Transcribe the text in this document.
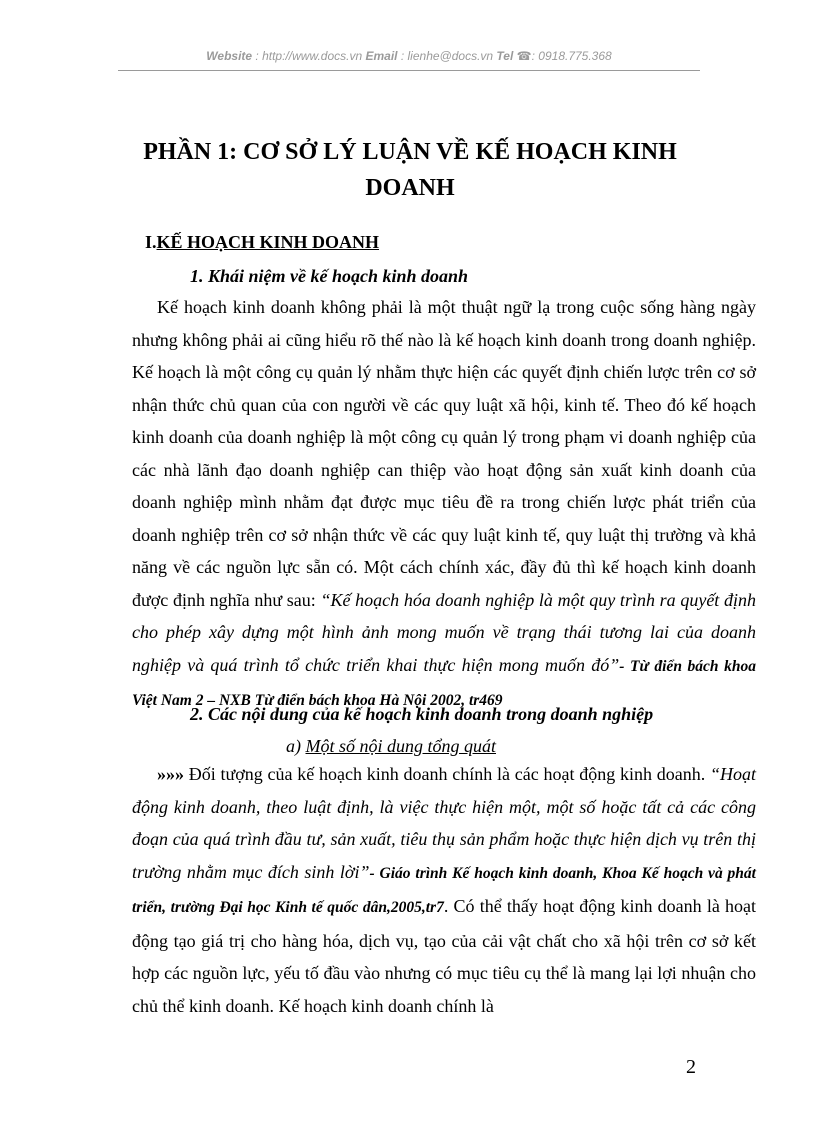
Website : http://www.docs.vn Email : lienhe@docs.vn Tel ☎: 0918.775.368
PHẦN 1: CƠ SỞ LÝ LUẬN VỀ KẾ HOẠCH KINH DOANH
I.KẾ HOẠCH KINH DOANH
1. Khái niệm về kế hoạch kinh doanh

Kế hoạch kinh doanh không phải là một thuật ngữ lạ trong cuộc sống hàng ngày nhưng không phải ai cũng hiểu rõ thế nào là kế hoạch kinh doanh trong doanh nghiệp. Kế hoạch là một công cụ quản lý nhằm thực hiện các quyết định chiến lược trên cơ sở nhận thức chủ quan của con người về các quy luật xã hội, kinh tế. Theo đó kế hoạch kinh doanh của doanh nghiệp là một công cụ quản lý trong phạm vi doanh nghiệp của các nhà lãnh đạo doanh nghiệp can thiệp vào hoạt động sản xuất kinh doanh của doanh nghiệp mình nhằm đạt được mục tiêu đề ra trong chiến lược phát triển của doanh nghiệp trên cơ sở nhận thức về các quy luật kinh tế, quy luật thị trường và khả năng về các nguồn lực sẵn có. Một cách chính xác, đầy đủ thì kế hoạch kinh doanh được định nghĩa như sau: “Kế hoạch hóa doanh nghiệp là một quy trình ra quyết định cho phép xây dựng một hình ảnh mong muốn về trạng thái tương lai của doanh nghiệp và quá trình tổ chức triển khai thực hiện mong muốn đó”- Từ điển bách khoa Việt Nam 2 – NXB Từ điển bách khoa Hà Nội 2002, tr469

2. Các nội dung của kế hoạch kinh doanh trong doanh nghiệp
a) Một số nội dung tổng quát

»»» Đối tượng của kế hoạch kinh doanh chính là các hoạt động kinh doanh. “Hoạt động kinh doanh, theo luật định, là việc thực hiện một, một số hoặc tất cả các công đoạn của quá trình đầu tư, sản xuất, tiêu thụ sản phẩm hoặc thực hiện dịch vụ trên thị trường nhằm mục đích sinh lời”- Giáo trình Kế hoạch kinh doanh, Khoa Kế hoạch và phát triển, trường Đại học Kinh tế quốc dân,2005,tr7. Có thể thấy hoạt động kinh doanh là hoạt động tạo giá trị cho hàng hóa, dịch vụ, tạo của cải vật chất cho xã hội trên cơ sở kết hợp các nguồn lực, yếu tố đầu vào nhưng có mục tiêu cụ thể là mang lại lợi nhuận cho chủ thể kinh doanh. Kế hoạch kinh doanh chính là

2
